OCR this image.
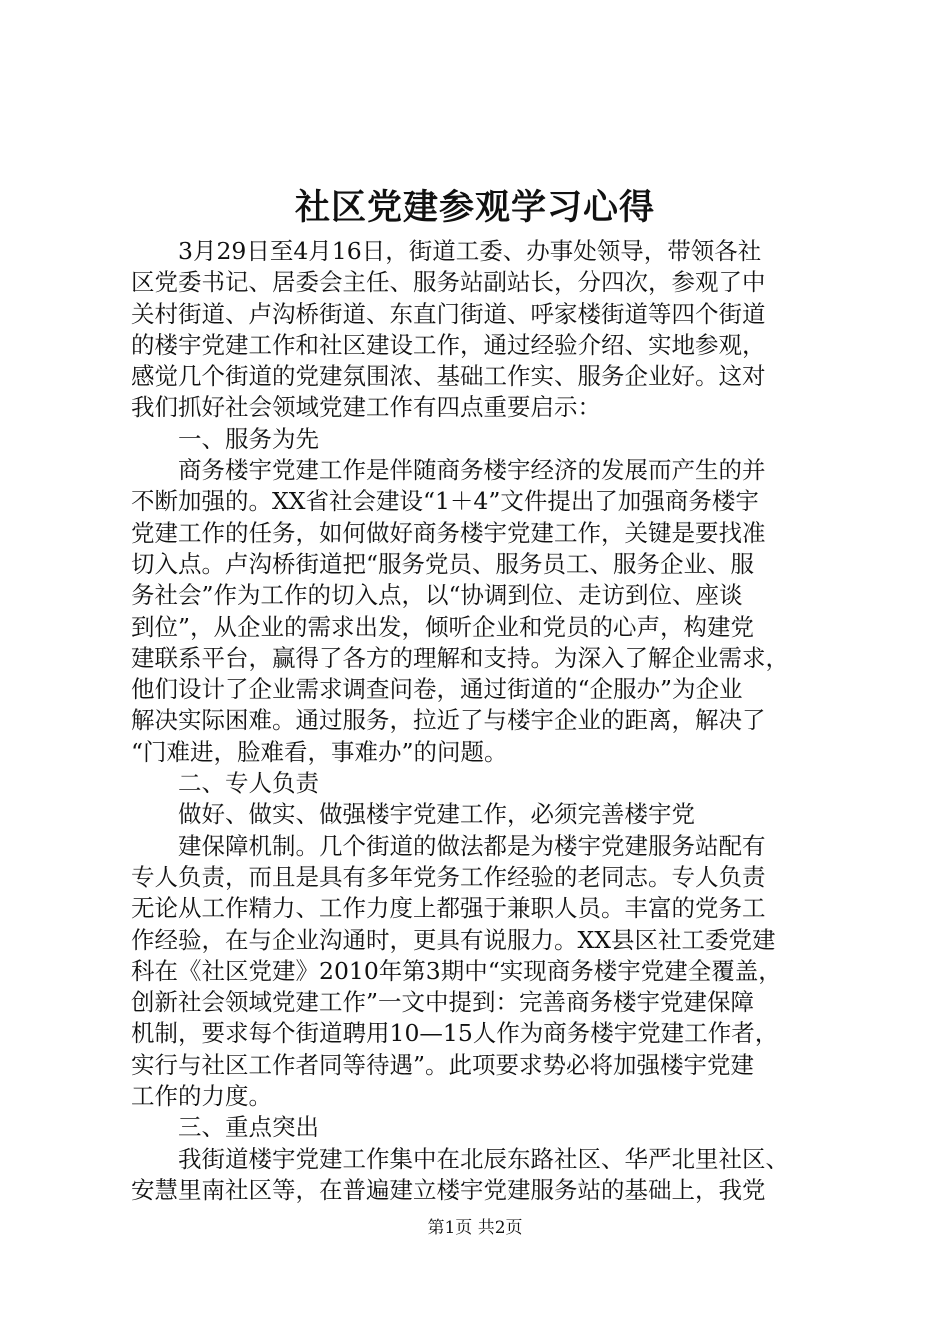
社区党建参观学习心得
3月29日至4月16日，街道工委、办事处领导，带领各社
区党委书记、居委会主任、服务站副站长，分四次，参观了中
关村街道、卢沟桥街道、东直门街道、呼家楼街道等四个街道
的楼宇党建工作和社区建设工作，通过经验介绍、实地参观，
感觉几个街道的党建氛围浓、基础工作实、服务企业好。这对
我们抓好社会领域党建工作有四点重要启示：
一、服务为先
商务楼宇党建工作是伴随商务楼宇经济的发展而产生的并
不断加强的。XX省社会建设“1＋4”文件提出了加强商务楼宇
党建工作的任务，如何做好商务楼宇党建工作，关键是要找准
切入点。卢沟桥街道把“服务党员、服务员工、服务企业、服
务社会”作为工作的切入点，以“协调到位、走访到位、座谈
到位”，从企业的需求出发，倾听企业和党员的心声，构建党
建联系平台，赢得了各方的理解和支持。为深入了解企业需求，
他们设计了企业需求调查问卷，通过街道的“企服办”为企业
解决实际困难。通过服务，拉近了与楼宇企业的距离，解决了
“门难进，脸难看，事难办”的问题。
二、专人负责
做好、做实、做强楼宇党建工作，必须完善楼宇党
建保障机制。几个街道的做法都是为楼宇党建服务站配有
专人负责，而且是具有多年党务工作经验的老同志。专人负责
无论从工作精力、工作力度上都强于兼职人员。丰富的党务工
作经验，在与企业沟通时，更具有说服力。XX县区社工委党建
科在《社区党建》2010年第3期中“实现商务楼宇党建全覆盖，
创新社会领域党建工作”一文中提到：完善商务楼宇党建保障
机制，要求每个街道聘用10—15人作为商务楼宇党建工作者，
实行与社区工作者同等待遇”。此项要求势必将加强楼宇党建
工作的力度。
三、重点突出
我街道楼宇党建工作集中在北辰东路社区、华严北里社区、
安慧里南社区等，在普遍建立楼宇党建服务站的基础上，我党
第1页 共2页
